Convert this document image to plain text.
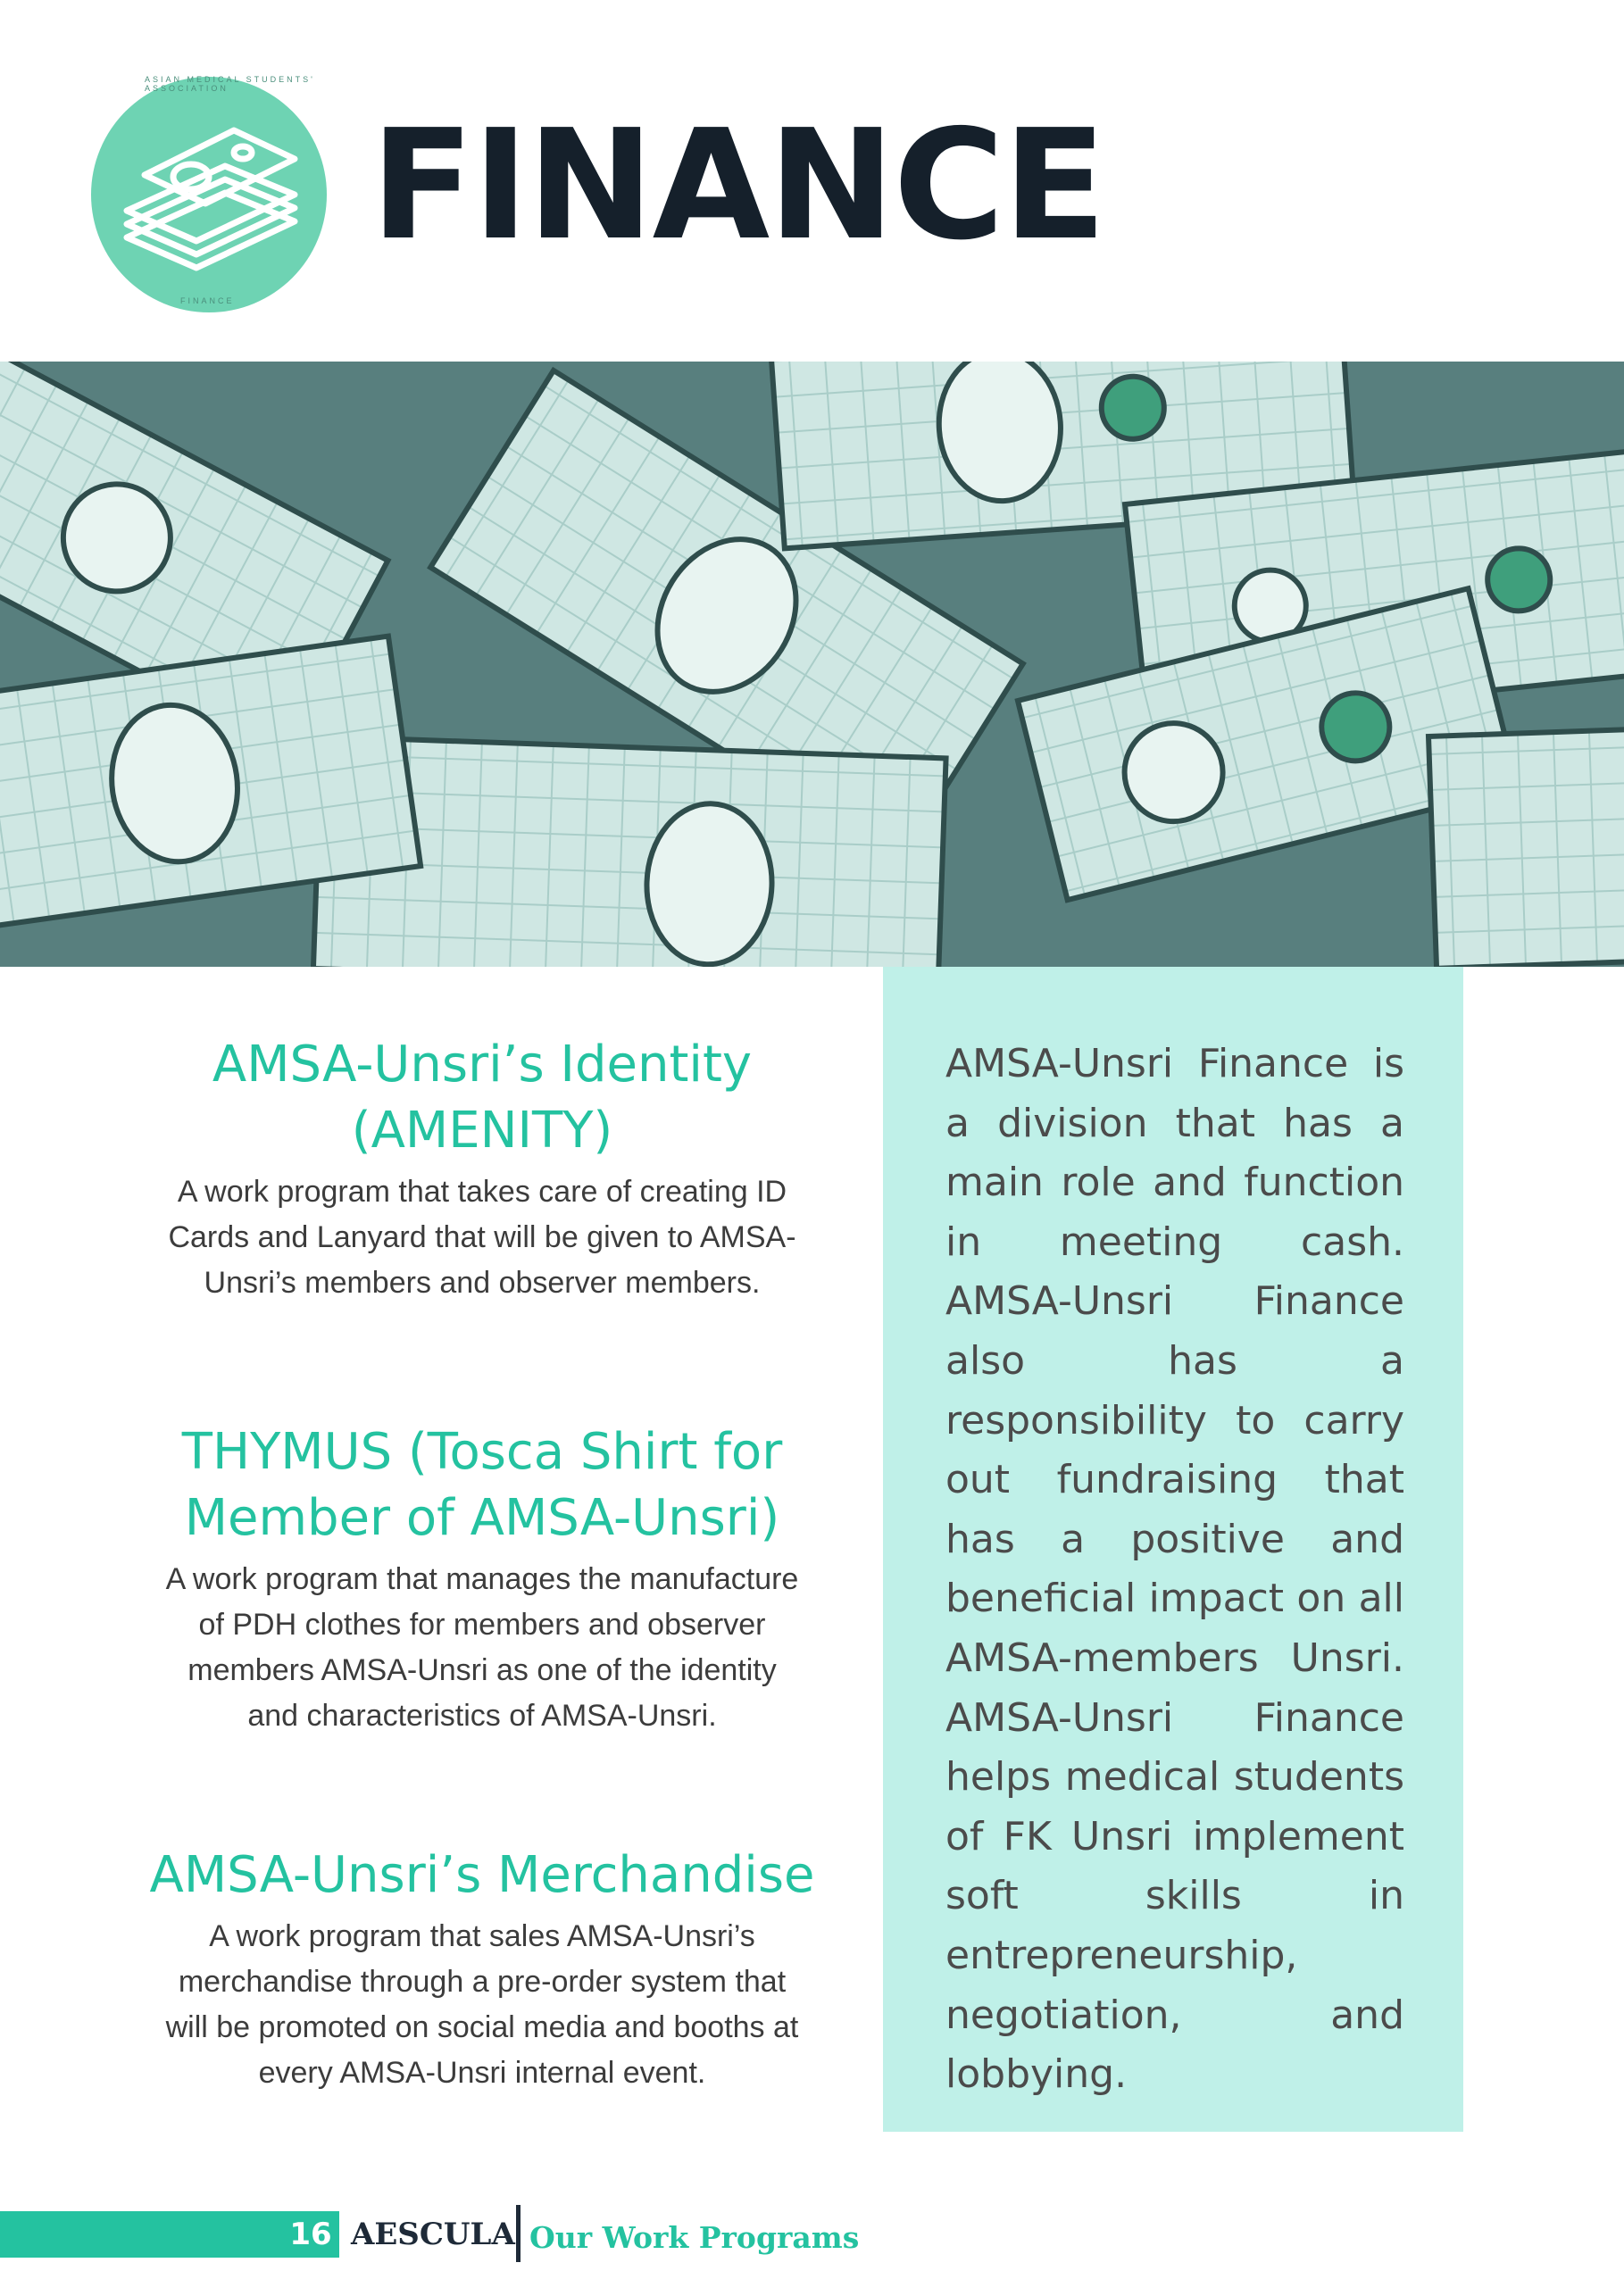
ASIAN MEDICAL STUDENTS' ASSOCIATION
FINANCE
FINANCE
AMSA-Unsri’s Identity (AMENITY)

A work program that takes care of creating ID Cards and Lanyard that will be given to AMSA-Unsri’s members and observer members.

THYMUS (Tosca Shirt for Member of AMSA-Unsri)

A work program that manages the manufacture of PDH clothes for members and observer members AMSA-Unsri as one of the identity and characteristics of AMSA-Unsri.

AMSA-Unsri’s Merchandise

A work program that sales AMSA-Unsri’s merchandise through a pre-order system that will be promoted on social media and booths at every AMSA-Unsri internal event.

AMSA-Unsri Finance is a division that has a main role and function in meeting cash. AMSA-Unsri Finance also has a responsibility to carry out fundraising that has a positive and beneficial impact on all AMSA-members Unsri. AMSA-Unsri Finance helps medical students of FK Unsri implement soft skills in entrepreneurship, negotiation, and lobbying.

16 AESCULA Our Work Programs
